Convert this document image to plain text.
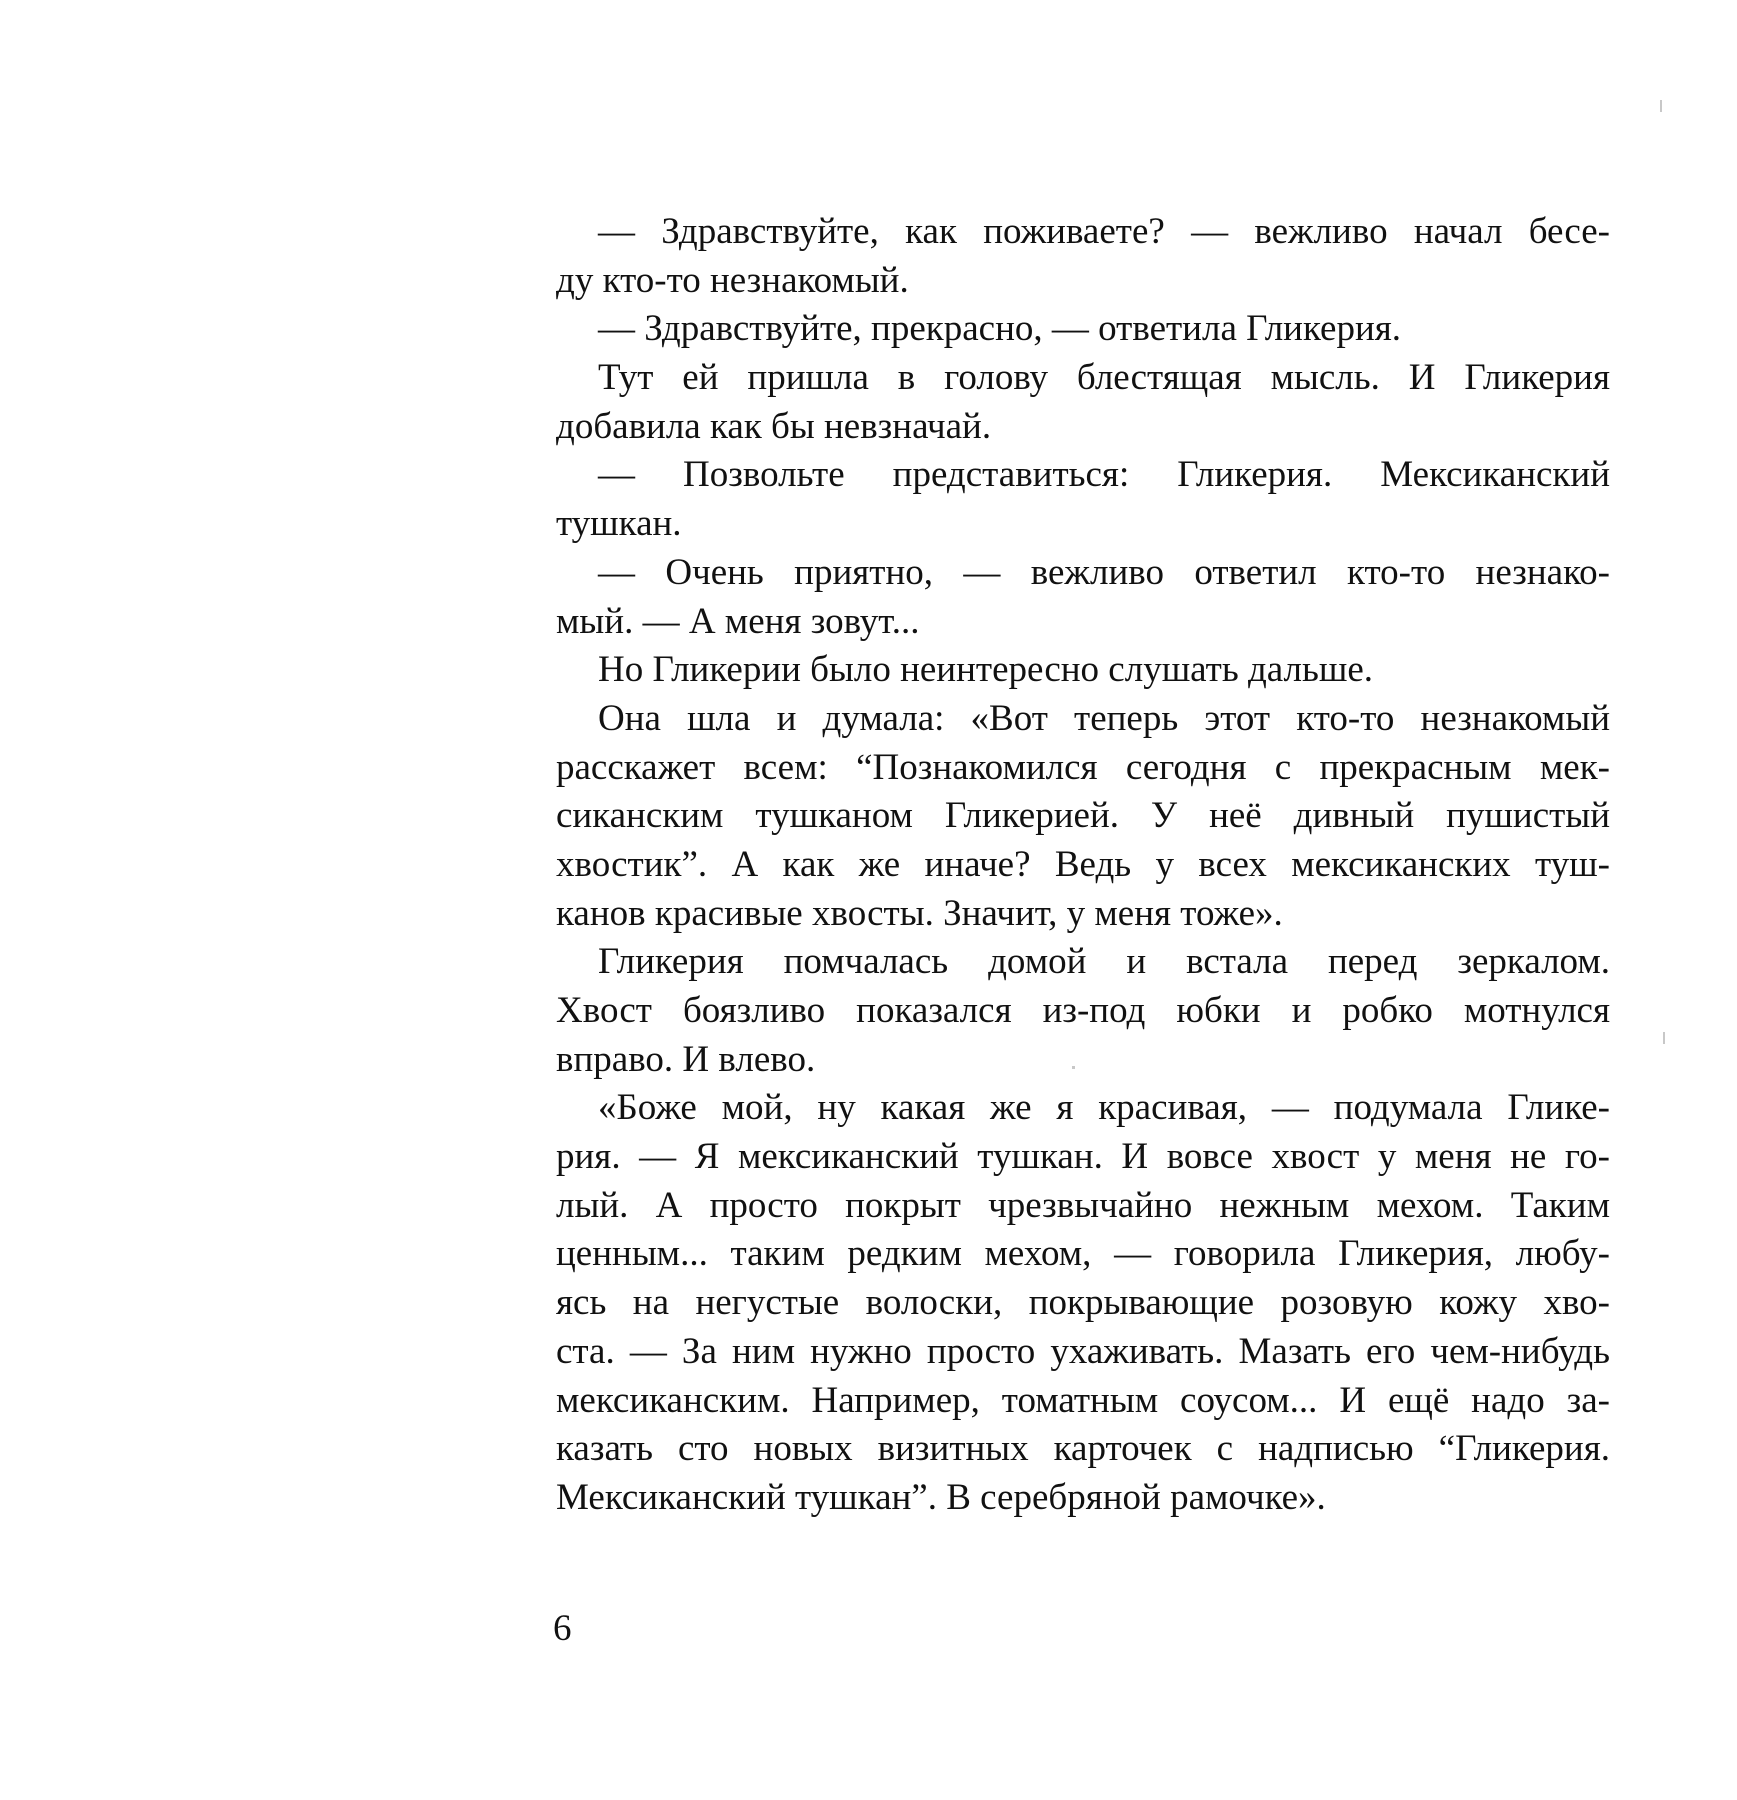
— Здравствуйте, как поживаете? — вежливо начал бесе-
ду кто-то незнакомый.
— Здравствуйте, прекрасно, — ответила Гликерия.
Тут ей пришла в голову блестящая мысль. И Гликерия
добавила как бы невзначай.
— Позвольте представиться: Гликерия. Мексиканский
тушкан.
— Очень приятно, — вежливо ответил кто-то незнако-
мый. — А меня зовут...
Но Гликерии было неинтересно слушать дальше.
Она шла и думала: «Вот теперь этот кто-то незнакомый
расскажет всем: “Познакомился сегодня с прекрасным мек-
сиканским тушканом Гликерией. У неё дивный пушистый
хвостик”. А как же иначе? Ведь у всех мексиканских туш-
канов красивые хвосты. Значит, у меня тоже».
Гликерия помчалась домой и встала перед зеркалом.
Хвост боязливо показался из-под юбки и робко мотнулся
вправо. И влево.
«Боже мой, ну какая же я красивая, — подумала Глике-
рия. — Я мексиканский тушкан. И вовсе хвост у меня не го-
лый. А просто покрыт чрезвычайно нежным мехом. Таким
ценным... таким редким мехом, — говорила Гликерия, любу-
ясь на негустые волоски, покрывающие розовую кожу хво-
ста. — За ним нужно просто ухаживать. Мазать его чем-нибудь
мексиканским. Например, томатным соусом... И ещё надо за-
казать сто новых визитных карточек с надписью “Гликерия.
Мексиканский тушкан”. В серебряной рамочке».
6
